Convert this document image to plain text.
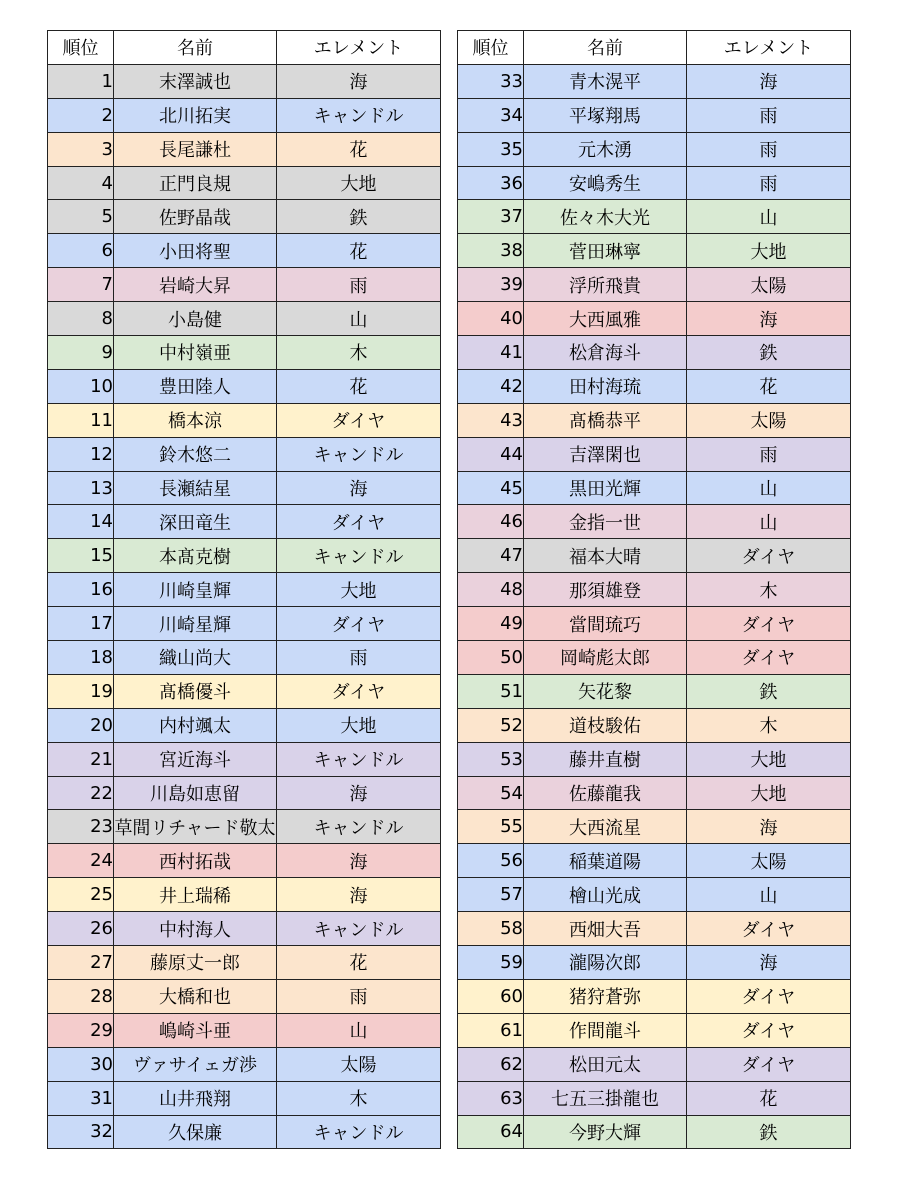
順位	名前	エレメント
1	末澤誠也	海
2	北川拓実	キャンドル
3	長尾謙杜	花
4	正門良規	大地
5	佐野晶哉	鉄
6	小田将聖	花
7	岩崎大昇	雨
8	小島健	山
9	中村嶺亜	木
10	豊田陸人	花
11	橋本涼	ダイヤ
12	鈴木悠二	キャンドル
13	長瀬結星	海
14	深田竜生	ダイヤ
15	本髙克樹	キャンドル
16	川崎皇輝	大地
17	川崎星輝	ダイヤ
18	織山尚大	雨
19	髙橋優斗	ダイヤ
20	内村颯太	大地
21	宮近海斗	キャンドル
22	川島如恵留	海
23	草間リチャード敬太	キャンドル
24	西村拓哉	海
25	井上瑞稀	海
26	中村海人	キャンドル
27	藤原丈一郎	花
28	大橋和也	雨
29	嶋崎斗亜	山
30	ヴァサイェガ渉	太陽
31	山井飛翔	木
32	久保廉	キャンドル
順位	名前	エレメント
33	青木滉平	海
34	平塚翔馬	雨
35	元木湧	雨
36	安嶋秀生	雨
37	佐々木大光	山
38	菅田琳寧	大地
39	浮所飛貴	太陽
40	大西風雅	海
41	松倉海斗	鉄
42	田村海琉	花
43	髙橋恭平	太陽
44	吉澤閑也	雨
45	黒田光輝	山
46	金指一世	山
47	福本大晴	ダイヤ
48	那須雄登	木
49	當間琉巧	ダイヤ
50	岡崎彪太郎	ダイヤ
51	矢花黎	鉄
52	道枝駿佑	木
53	藤井直樹	大地
54	佐藤龍我	大地
55	大西流星	海
56	稲葉道陽	太陽
57	檜山光成	山
58	西畑大吾	ダイヤ
59	瀧陽次郎	海
60	猪狩蒼弥	ダイヤ
61	作間龍斗	ダイヤ
62	松田元太	ダイヤ
63	七五三掛龍也	花
64	今野大輝	鉄
